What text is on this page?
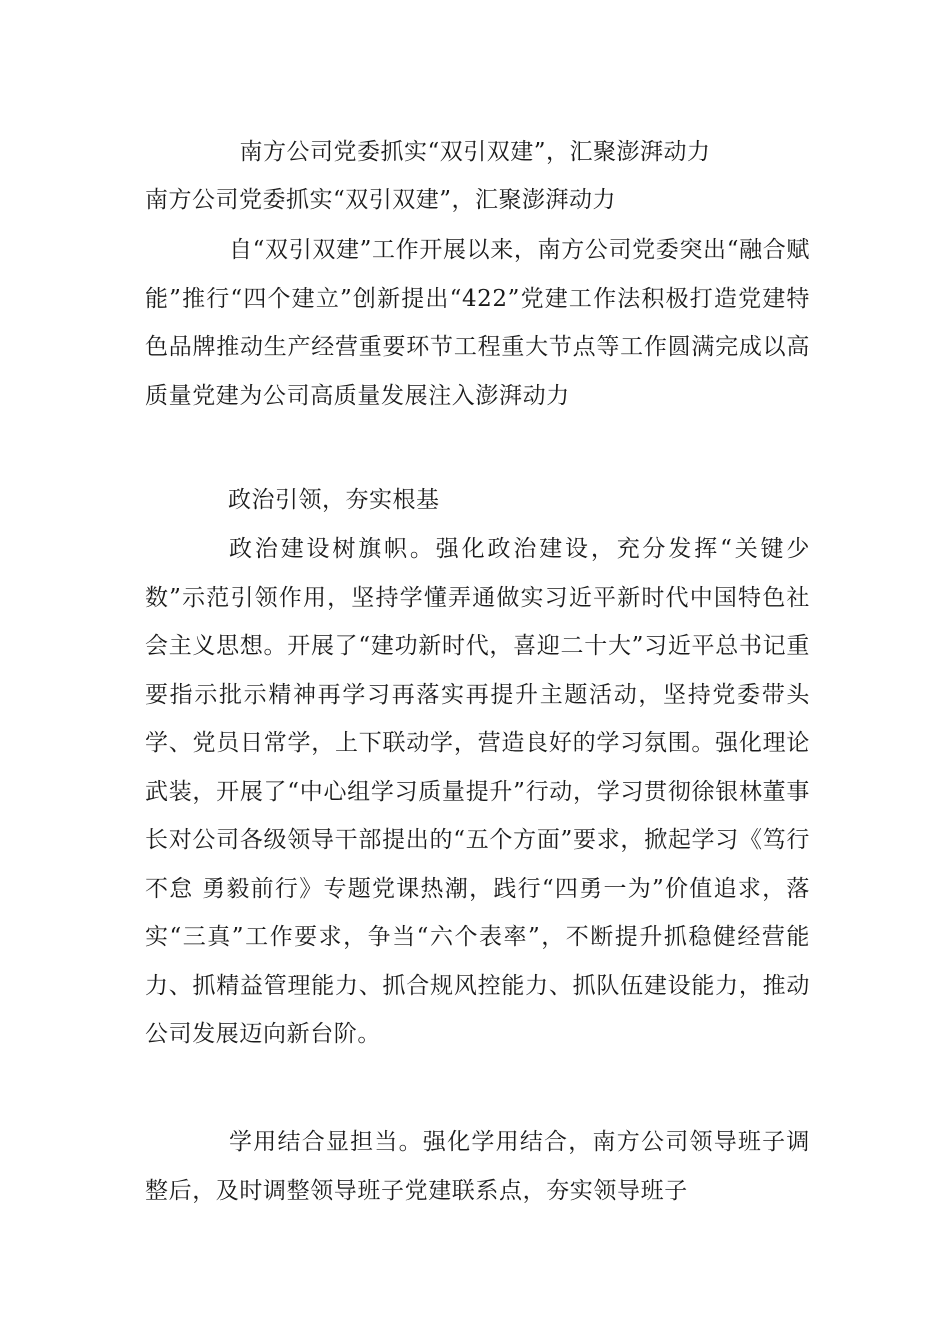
南方公司党委抓实“双引双建”，汇聚澎湃动力
南方公司党委抓实“双引双建”，汇聚澎湃动力

自“双引双建”工作开展以来，南方公司党委突出“融合赋能”推行“四个建立”创新提出“422”党建工作法积极打造党建特色品牌推动生产经营重要环节工程重大节点等工作圆满完成以高质量党建为公司高质量发展注入澎湃动力

政治引领，夯实根基

政治建设树旗帜。强化政治建设，充分发挥“关键少数”示范引领作用，坚持学懂弄通做实习近平新时代中国特色社会主义思想。开展了“建功新时代，喜迎二十大”习近平总书记重要指示批示精神再学习再落实再提升主题活动，坚持党委带头学、党员日常学，上下联动学，营造良好的学习氛围。强化理论武装，开展了“中心组学习质量提升”行动，学习贯彻徐银林董事长对公司各级领导干部提出的“五个方面”要求，掀起学习《笃行不怠 勇毅前行》专题党课热潮，践行“四勇一为”价值追求，落实“三真”工作要求，争当“六个表率”，不断提升抓稳健经营能力、抓精益管理能力、抓合规风控能力、抓队伍建设能力，推动公司发展迈向新台阶。

学用结合显担当。强化学用结合，南方公司领导班子调整后，及时调整领导班子党建联系点，夯实领导班子
